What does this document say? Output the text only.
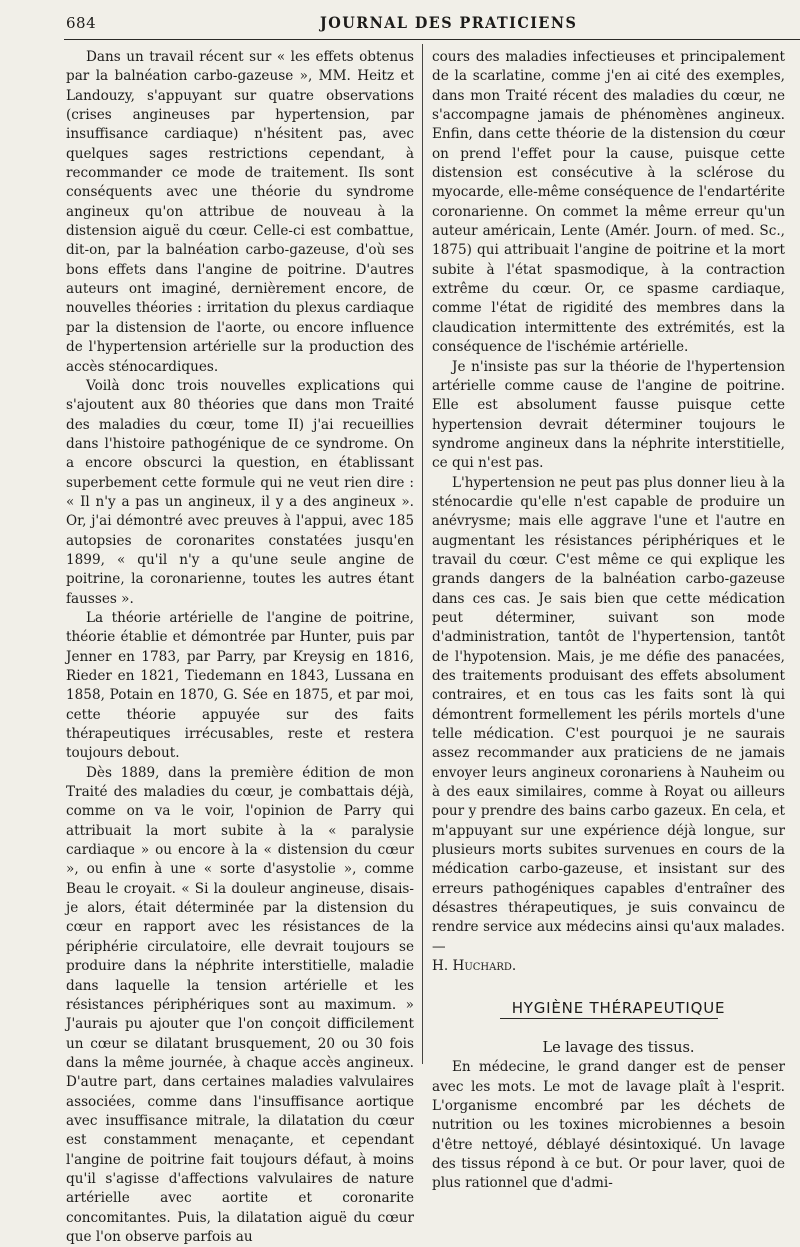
684	JOURNAL DES PRATICIENS

Dans un travail récent sur « les effets obtenus par la balnéation carbo-gazeuse », MM. Heitz et Landouzy, s'appuyant sur quatre observations (crises angineuses par hypertension, par insuffisance cardiaque) n'hésitent pas, avec quelques sages restrictions cependant, à recommander ce mode de traitement. Ils sont conséquents avec une théorie du syndrome angineux qu'on attribue de nouveau à la distension aiguë du cœur. Celle-ci est combattue, dit-on, par la balnéation carbo-gazeuse, d'où ses bons effets dans l'angine de poitrine. D'autres auteurs ont imaginé, dernièrement encore, de nouvelles théories : irritation du plexus cardiaque par la distension de l'aorte, ou encore influence de l'hypertension artérielle sur la production des accès sténocardiques.

Voilà donc trois nouvelles explications qui s'ajoutent aux 80 théories que dans mon Traité des maladies du cœur, tome II) j'ai recueillies dans l'histoire pathogénique de ce syndrome. On a encore obscurci la question, en établissant superbement cette formule qui ne veut rien dire : « Il n'y a pas un angineux, il y a des angineux ». Or, j'ai démontré avec preuves à l'appui, avec 185 autopsies de coronarites constatées jusqu'en 1899, « qu'il n'y a qu'une seule angine de poitrine, la coronarienne, toutes les autres étant fausses ».

La théorie artérielle de l'angine de poitrine, théorie établie et démontrée par Hunter, puis par Jenner en 1783, par Parry, par Kreysig en 1816, Rieder en 1821, Tiedemann en 1843, Lussana en 1858, Potain en 1870, G. Sée en 1875, et par moi, cette théorie appuyée sur des faits thérapeutiques irrécusables, reste et restera toujours debout.

Dès 1889, dans la première édition de mon Traité des maladies du cœur, je combattais déjà, comme on va le voir, l'opinion de Parry qui attribuait la mort subite à la « paralysie cardiaque » ou encore à la « distension du cœur », ou enfin à une « sorte d'asystolie », comme Beau le croyait. « Si la douleur angineuse, disais-je alors, était déterminée par la distension du cœur en rapport avec les résistances de la périphérie circulatoire, elle devrait toujours se produire dans la néphrite interstitielle, maladie dans laquelle la tension artérielle et les résistances périphériques sont au maximum. » J'aurais pu ajouter que l'on conçoit difficilement un cœur se dilatant brusquement, 20 ou 30 fois dans la même journée, à chaque accès angineux. D'autre part, dans certaines maladies valvulaires associées, comme dans l'insuffisance aortique avec insuffisance mitrale, la dilatation du cœur est constamment menaçante, et cependant l'angine de poitrine fait toujours défaut, à moins qu'il s'agisse d'affections valvulaires de nature artérielle avec aortite et coronarite concomitantes. Puis, la dilatation aiguë du cœur que l'on observe parfois au

cours des maladies infectieuses et principalement de la scarlatine, comme j'en ai cité des exemples, dans mon Traité récent des maladies du cœur, ne s'accompagne jamais de phénomènes angineux. Enfin, dans cette théorie de la distension du cœur on prend l'effet pour la cause, puisque cette distension est consécutive à la sclérose du myocarde, elle-même conséquence de l'endartérite coronarienne. On commet la même erreur qu'un auteur américain, Lente (Amér. Journ. of med. Sc., 1875) qui attribuait l'angine de poitrine et la mort subite à l'état spasmodique, à la contraction extrême du cœur. Or, ce spasme cardiaque, comme l'état de rigidité des membres dans la claudication intermittente des extrémités, est la conséquence de l'ischémie artérielle.

Je n'insiste pas sur la théorie de l'hypertension artérielle comme cause de l'angine de poitrine. Elle est absolument fausse puisque cette hypertension devrait déterminer toujours le syndrome angineux dans la néphrite interstitielle, ce qui n'est pas.

L'hypertension ne peut pas plus donner lieu à la sténocardie qu'elle n'est capable de produire un anévrysme; mais elle aggrave l'une et l'autre en augmentant les résistances périphériques et le travail du cœur. C'est même ce qui explique les grands dangers de la balnéation carbo-gazeuse dans ces cas. Je sais bien que cette médication peut déterminer, suivant son mode d'administration, tantôt de l'hypertension, tantôt de l'hypotension. Mais, je me défie des panacées, des traitements produisant des effets absolument contraires, et en tous cas les faits sont là qui démontrent formellement les périls mortels d'une telle médication. C'est pourquoi je ne saurais assez recommander aux praticiens de ne jamais envoyer leurs angineux coronariens à Nauheim ou à des eaux similaires, comme à Royat ou ailleurs pour y prendre des bains carbo gazeux. En cela, et m'appuyant sur une expérience déjà longue, sur plusieurs morts subites survenues en cours de la médication carbo-gazeuse, et insistant sur des erreurs pathogéniques capables d'entraîner des désastres thérapeutiques, je suis convaincu de rendre service aux médecins ainsi qu'aux malades. —

H. Huchard.

HYGIÈNE THÉRAPEUTIQUE

Le lavage des tissus.

En médecine, le grand danger est de penser avec les mots. Le mot de lavage plaît à l'esprit. L'organisme encombré par les déchets de nutrition ou les toxines microbiennes a besoin d'être nettoyé, déblayé désintoxiqué. Un lavage des tissus répond à ce but. Or pour laver, quoi de plus rationnel que d'admi-
